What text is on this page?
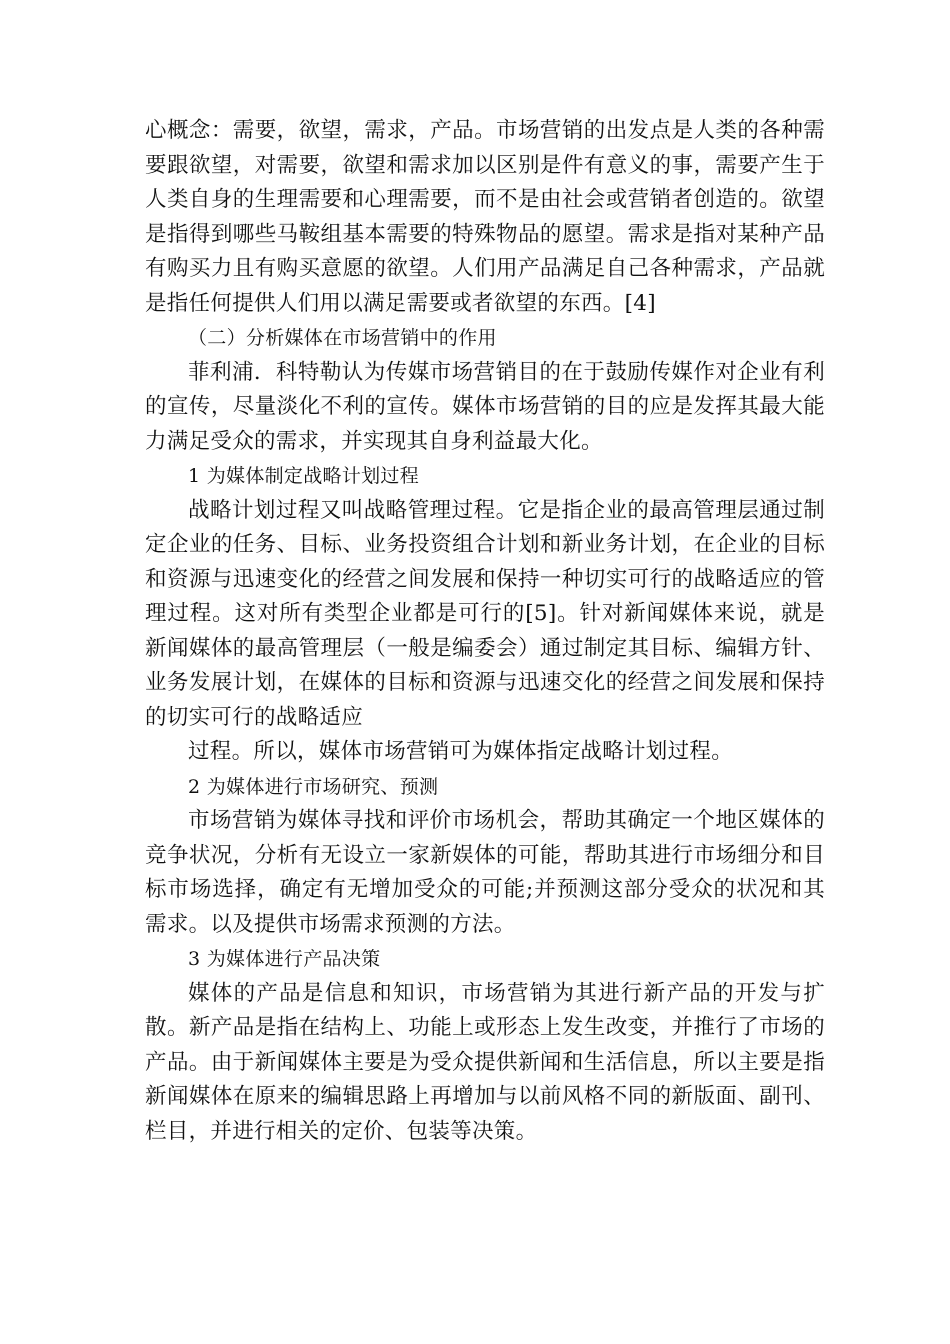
心概念：需要，欲望，需求，产品。市场营销的出发点是人类的各种需要跟欲望，对需要，欲望和需求加以区别是件有意义的事，需要产生于人类自身的生理需要和心理需要，而不是由社会或营销者创造的。欲望是指得到哪些马鞍组基本需要的特殊物品的愿望。需求是指对某种产品有购买力且有购买意愿的欲望。人们用产品满足自己各种需求，产品就是指任何提供人们用以满足需要或者欲望的东西。[4]

（二）分析媒体在市场营销中的作用

菲利浦．科特勒认为传媒市场营销目的在于鼓励传媒作对企业有利的宣传，尽量淡化不利的宣传。媒体市场营销的目的应是发挥其最大能力满足受众的需求，并实现其自身利益最大化。

1 为媒体制定战略计划过程

战略计划过程又叫战略管理过程。它是指企业的最高管理层通过制定企业的任务、目标、业务投资组合计划和新业务计划，在企业的目标和资源与迅速变化的经营之间发展和保持一种切实可行的战略适应的管理过程。这对所有类型企业都是可行的[5]。针对新闻媒体来说，就是新闻媒体的最高管理层（一般是编委会）通过制定其目标、编辑方针、业务发展计划，在媒体的目标和资源与迅速交化的经营之间发展和保持的切实可行的战略适应

过程。所以，媒体市场营销可为媒体指定战略计划过程。

2 为媒体进行市场研究、预测

市场营销为媒体寻找和评价市场机会，帮助其确定一个地区媒体的竞争状况，分析有无设立一家新娱体的可能，帮助其进行市场细分和目标市场选择，确定有无增加受众的可能;并预测这部分受众的状况和其需求。以及提供市场需求预测的方法。

3 为媒体进行产品决策

媒体的产品是信息和知识，市场营销为其进行新产品的开发与扩散。新产品是指在结构上、功能上或形态上发生改变，并推行了市场的产品。由于新闻媒体主要是为受众提供新闻和生活信息，所以主要是指新闻媒体在原来的编辑思路上再增加与以前风格不同的新版面、副刊、栏目，并进行相关的定价、包装等决策。
